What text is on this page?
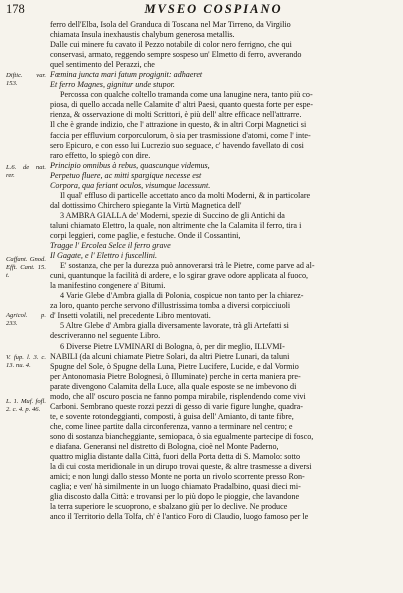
178	MVSEO COSPIANO

ferro dell'Elba, Isola del Granduca di Toscana nel Mar Tirreno, da Virgilio

chiamata Insula inexhaustis chalybum generosa metallis.

Dalle cui minere fu cavato il Pezzo notabile di color nero ferrigno, che qui

conservasi, armato, reggendo sempre sospeso un' Elmetto di ferro, avverando

quel sentimento del Perazzi, che

Diftic. var. 153.

Fœmina juncta mari fatum progignit: adhaeret

Et ferro Magnes, gignitur unde stupor.

Percossa con qualche coltello tramanda come una lanugine nera, tanto più co-

piosa, di quello accada nelle Calamite d' altri Paesi, quanto questa forte per espe-

rienza, & osservazione di molti Scrittori, è più dell' altre efficace nell'attrarre.

Il che è grande indizio, che l' attrazione in questo, & in altri Corpi Magnetici si

faccia per effluvium corporculorum, ò sia per trasmissione d'atomi, come l' inte-

sero Epicuro, e con esso lui Lucrezio suo seguace, c' havendo favellato di cosi

raro effetto, lo spiegò con dire.

L.6. de nat. rer.

Principio omnibus à rebus, quascunque videmus,

Perpetuo fluere, ac mitti spargique necesse est

Corpora, qua feriant oculos, visumque lacessunt.

Il qual' effluso di particelle accettato anco da molti Moderni, & in particolare

dal dottissimo Chirchero spiegante la Virtù Magnetica dell'

3 AMBRA GIALLA de' Moderni, spezie di Succino de gli Antichi da

taluni chiamato Elettro, la quale, non altrimente che la Calamita il ferro, tira i

Caffant. Gnod. Efft. Cant. 15. t.

corpi leggieri, come paglie, e festuche. Onde il Cossantini,

Tragge l' Ercolea Selce il ferro grave

Il Gagate, e l' Elettro i fuscellini.

E' sostanza, che per la durezza può annoverarsi trà le Pietre, come parve ad al-

Agricol. p. 233.

cuni, quantunque la facilità di ardere, e lo sgirar grave odore applicata al fuoco,

la manifestino congenere a' Bitumi.

4 Varie Glebe d'Ambra gialla di Polonia, cospicue non tanto per la chiarez-

V. fup. l. 3. c. 13. nu. 4.

za loro, quanto perche servono d'illustrissima tomba a diversi corpicciuoli

d' Insetti volatili, nel precedente Libro mentovati.

5 Altre Glebe d' Ambra gialla diversamente lavorate, trà gli Artefatti si

descriveranno nel seguente Libro.

6 Diverse Pietre LVMINARI di Bologna, ò, per dir meglio, ILLVMI-

L. 1. Muf. fofl. 2. c. 4. p. 46.

NABILI (da alcuni chiamate Pietre Solari, da altri Pietre Lunari, da taluni

Spugne del Sole, ò Spugne della Luna, Pietre Lucifere, Lucide, e dal Vormio

per Antonomasia Pietre Bolognesi, ò Illuminate) perche in certa maniera pre-

parate divengono Calamita della Luce, alla quale esposte se ne imbevono di

modo, che all' oscuro poscia ne fanno pompa mirabile, risplendendo come vivi

Carboni. Sembrano queste rozzi pezzi di gesso di varie figure lunghe, quadra-

te, e sovente rotondeggianti, composti, à guisa dell' Amianto, di tante fibre,

che, come linee partite dalla circonferenza, vanno a terminare nel centro; e

sono di sostanza biancheggiante, semiopaca, ò sia egualmente partecipe di fosco,

e diafana. Generansi nel distretto di Bologna, cioè nel Monte Paderno,

quattro miglia distante dalla Città, fuori della Porta detta di S. Mamolo: sotto

la di cui costa meridionale in un dirupo trovai queste, & altre trasmesse a diversi

amici; e non lungi dallo stesso Monte ne porta un rivolo scorrente presso Ron-

caglia; e ven' hà similmente in un luogo chiamato Pradalbino, quasi dieci mi-

glia discosto dalla Città: e trovansi per lo più dopo le pioggie, che lavandone

la terra superiore le scuoprono, e sbalzano giù per lo declive. Ne produce

anco il Territorio della Tolfa, ch' è l'antico Foro di Claudio, luogo famoso per le
